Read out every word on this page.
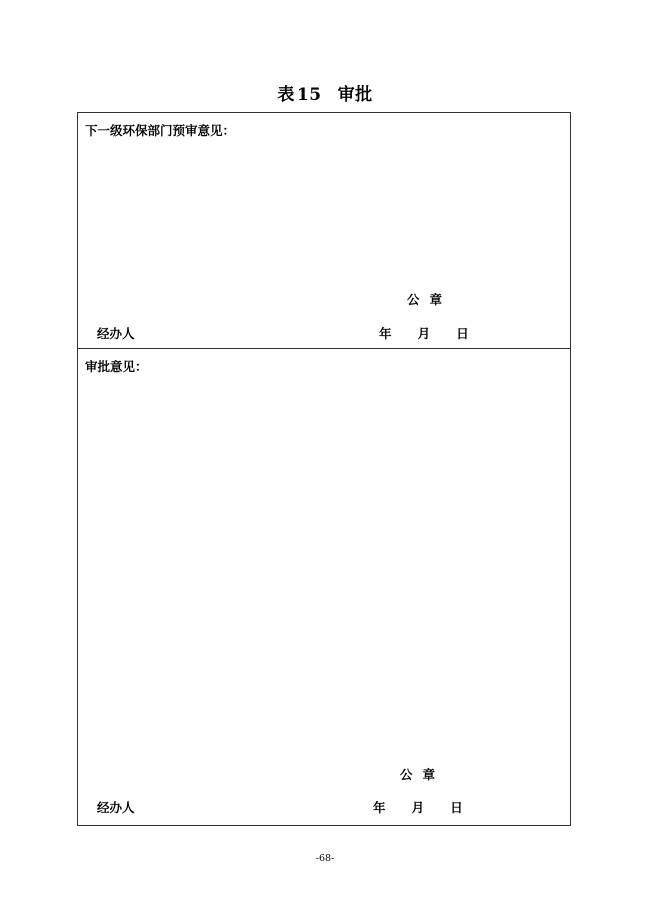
表 15 审批
下一级环保部门预审意见：
公章
经办人	年      月      日
审批意见：
公章
经办人	年      月      日
-68-
